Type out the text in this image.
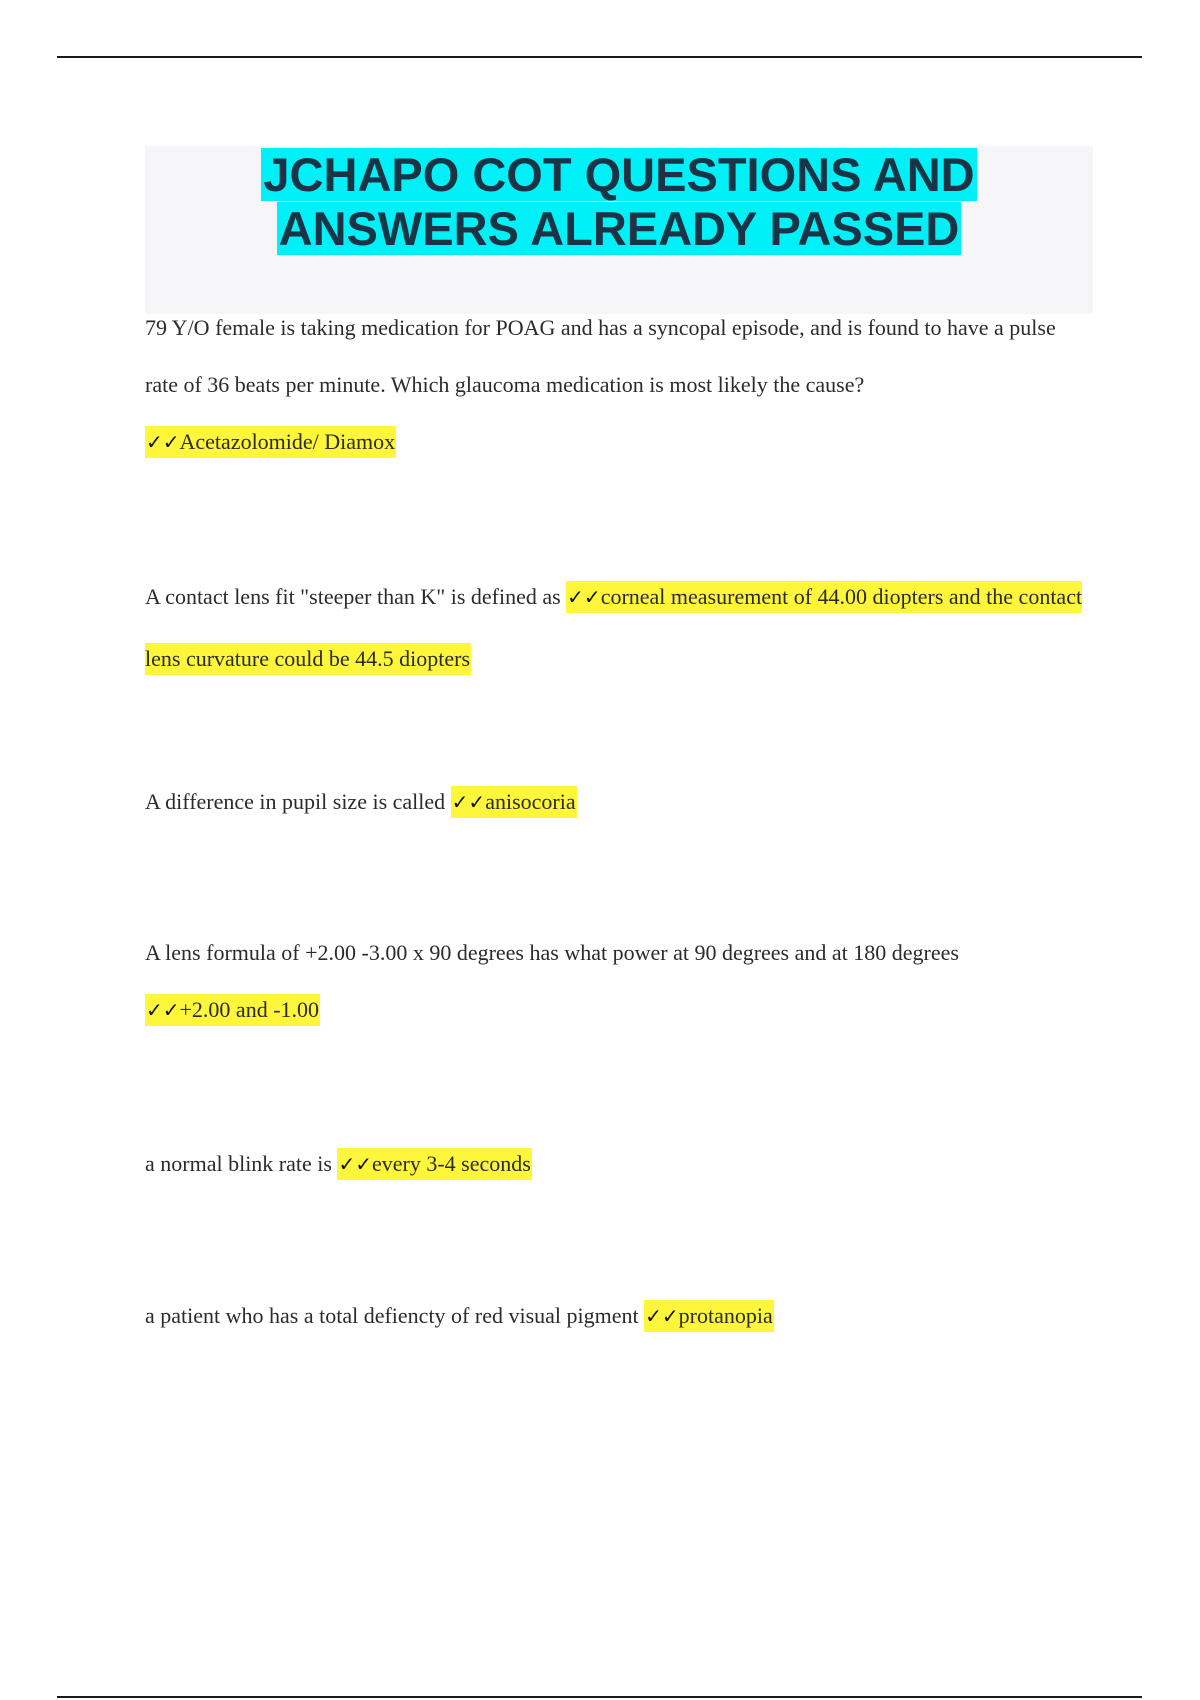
JCHAPO COT QUESTIONS AND
ANSWERS ALREADY PASSED

79 Y/O female is taking medication for POAG and has a syncopal episode, and is found to have a pulse rate of 36 beats per minute. Which glaucoma medication is most likely the cause?
✓✓Acetazolomide/ Diamox

A contact lens fit "steeper than K" is defined as ✓✓corneal measurement of 44.00 diopters and the contact lens curvature could be 44.5 diopters

A difference in pupil size is called ✓✓anisocoria

A lens formula of +2.00 -3.00 x 90 degrees has what power at 90 degrees and at 180 degrees
✓✓+2.00 and -1.00

a normal blink rate is ✓✓every 3-4 seconds

a patient who has a total defiencty of red visual pigment ✓✓protanopia
